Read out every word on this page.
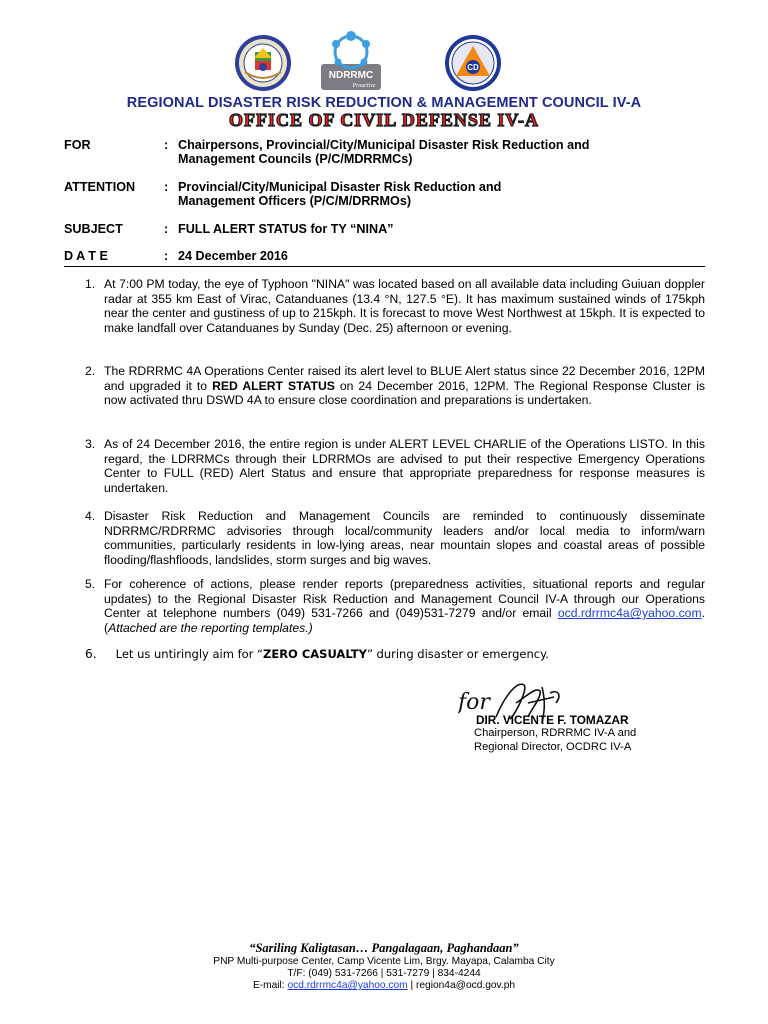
NDRRMC
Proactive
CD
REGIONAL DISASTER RISK REDUCTION & MANAGEMENT COUNCIL IV-A
OFFICE OF CIVIL DEFENSE IV-A
FOR	: Chairpersons, Provincial/City/Municipal Disaster Risk Reduction and
Management Councils (P/C/MDRRMCs)
ATTENTION : Provincial/City/Municipal Disaster Risk Reduction and
Management Officers (P/C/M/DRRMOs)
SUBJECT	: FULL ALERT STATUS for TY “NINA”
D A T E	: 24 December 2016
1. At 7:00 PM today, the eye of Typhoon "NINA" was located based on all available data including Guiuan doppler radar at 355 km East of Virac, Catanduanes (13.4 °N, 127.5 °E). It has maximum sustained winds of 175kph near the center and gustiness of up to 215kph. It is forecast to move West Northwest at 15kph. It is expected to make landfall over Catanduanes by Sunday (Dec. 25) afternoon or evening.
2. The RDRRMC 4A Operations Center raised its alert level to BLUE Alert status since 22 December 2016, 12PM and upgraded it to RED ALERT STATUS on 24 December 2016, 12PM. The Regional Response Cluster is now activated thru DSWD 4A to ensure close coordination and preparations is undertaken.
3. As of 24 December 2016, the entire region is under ALERT LEVEL CHARLIE of the Operations LISTO. In this regard, the LDRRMCs through their LDRRMOs are advised to put their respective Emergency Operations Center to FULL (RED) Alert Status and ensure that appropriate preparedness for response measures is undertaken.
4. Disaster Risk Reduction and Management Councils are reminded to continuously disseminate NDRRMC/RDRRMC advisories through local/community leaders and/or local media to inform/warn communities, particularly residents in low-lying areas, near mountain slopes and coastal areas of possible flooding/flashfloods, landslides, storm surges and big waves.
5. For coherence of actions, please render reports (preparedness activities, situational reports and regular updates) to the Regional Disaster Risk Reduction and Management Council IV-A through our Operations Center at telephone numbers (049) 531-7266 and (049)531-7279 and/or email ocd.rdrrmc4a@yahoo.com. (Attached are the reporting templates.)
6. Let us untiringly aim for “ZERO CASUALTY” during disaster or emergency.
for
DIR. VICENTE F. TOMAZAR
Chairperson, RDRRMC IV-A and
Regional Director, OCDRC IV-A
“Sariling Kaligtasan… Pangalagaan, Paghandaan”
PNP Multi-purpose Center, Camp Vicente Lim, Brgy. Mayapa, Calamba City
T/F: (049) 531-7266 | 531-7279 | 834-4244
E-mail: ocd.rdrrmc4a@yahoo.com | region4a@ocd.gov.ph
